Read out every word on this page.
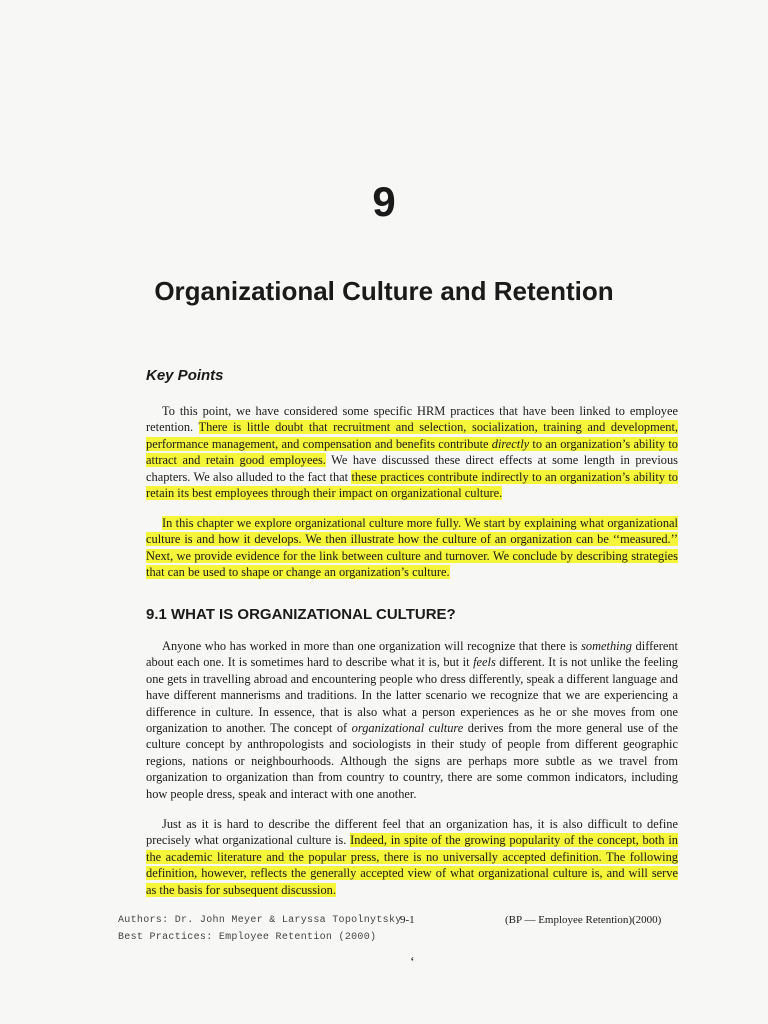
9
Organizational Culture and Retention
Key Points
To this point, we have considered some specific HRM practices that have been linked to employee retention. There is little doubt that recruitment and selection, socialization, training and development, performance management, and compensation and benefits contribute directly to an organization’s ability to attract and retain good employees. We have discussed these direct effects at some length in previous chapters. We also alluded to the fact that these practices contribute indirectly to an organization’s ability to retain its best employees through their impact on organizational culture.
In this chapter we explore organizational culture more fully. We start by explaining what organizational culture is and how it develops. We then illustrate how the culture of an organization can be ‘‘measured.’’ Next, we provide evidence for the link between culture and turnover. We conclude by describing strategies that can be used to shape or change an organization’s culture.
9.1 WHAT IS ORGANIZATIONAL CULTURE?
Anyone who has worked in more than one organization will recognize that there is something different about each one. It is sometimes hard to describe what it is, but it feels different. It is not unlike the feeling one gets in travelling abroad and encountering people who dress differently, speak a different language and have different mannerisms and traditions. In the latter scenario we recognize that we are experiencing a difference in culture. In essence, that is also what a person experiences as he or she moves from one organization to another. The concept of organizational culture derives from the more general use of the culture concept by anthropologists and sociologists in their study of people from different geographic regions, nations or neighbourhoods. Although the signs are perhaps more subtle as we travel from organization to organization than from country to country, there are some common indicators, including how people dress, speak and interact with one another.
Just as it is hard to describe the different feel that an organization has, it is also difficult to define precisely what organizational culture is. Indeed, in spite of the growing popularity of the concept, both in the academic literature and the popular press, there is no universally accepted definition. The following definition, however, reflects the generally accepted view of what organizational culture is, and will serve as the basis for subsequent discussion.
Authors: Dr. John Meyer & Laryssa Topolnytsky
Best Practices: Employee Retention (2000)
9-1	(BP — Employee Retention)(2000)
‘
